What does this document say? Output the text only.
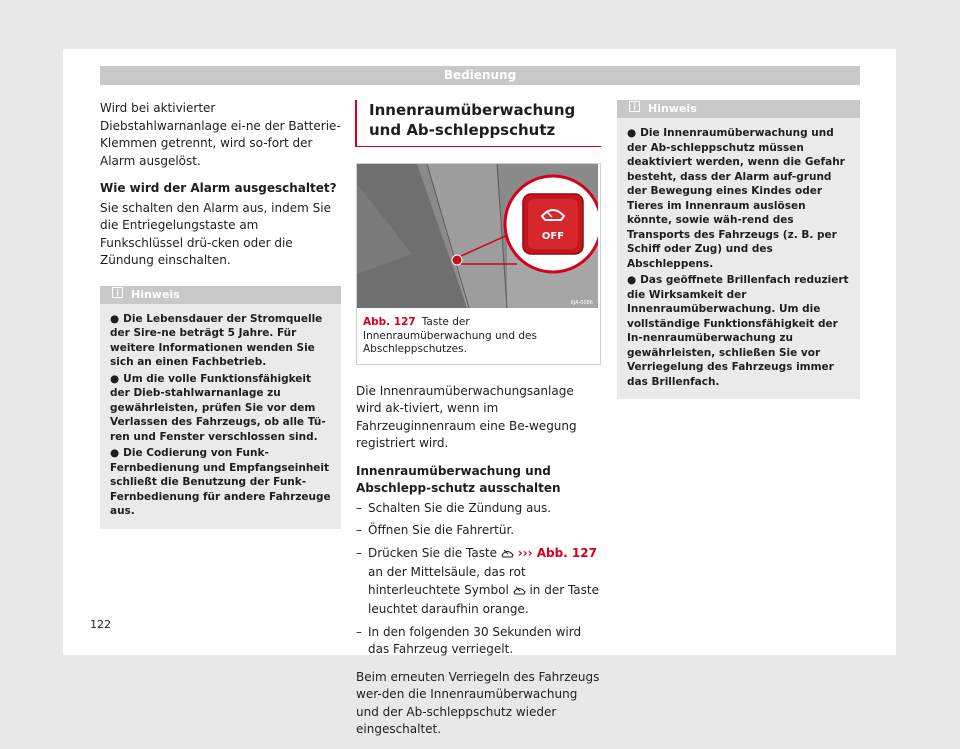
Bedienung

Wird bei aktivierter Diebstahlwarnanlage ei-ne der Batterie-Klemmen getrennt, wird so-fort der Alarm ausgelöst.

Wie wird der Alarm ausgeschaltet?

Sie schalten den Alarm aus, indem Sie die Entriegelungstaste am Funkschlüssel drü-cken oder die Zündung einschalten.

Hinweis
● Die Lebensdauer der Stromquelle der Sire-ne beträgt 5 Jahre. Für weitere Informationen wenden Sie sich an einen Fachbetrieb.
● Um die volle Funktionsfähigkeit der Dieb-stahlwarnanlage zu gewährleisten, prüfen Sie vor dem Verlassen des Fahrzeugs, ob alle Tü-ren und Fenster verschlossen sind.
● Die Codierung von Funk-Fernbedienung und Empfangseinheit schließt die Benutzung der Funk-Fernbedienung für andere Fahrzeuge aus.
Innenraumüberwachung und Ab-schleppschutz
OFF
6JA-0086
Abb. 127 Taste der Innenraumüberwachung und des Abschleppschutzes.

Die Innenraumüberwachungsanlage wird ak-tiviert, wenn im Fahrzeuginnenraum eine Be-wegung registriert wird.

Innenraumüberwachung und Abschlepp-schutz ausschalten

– Schalten Sie die Zündung aus.
– Öffnen Sie die Fahrertür.
– Drücken Sie die Taste ››› Abb. 127 an der Mittelsäule, das rot hinterleuchtete Symbol in der Taste leuchtet daraufhin orange.
– In den folgenden 30 Sekunden wird das Fahrzeug verriegelt.

Beim erneuten Verriegeln des Fahrzeugs wer-den die Innenraumüberwachung und der Ab-schleppschutz wieder eingeschaltet.

Hinweis
● Die Innenraumüberwachung und der Ab-schleppschutz müssen deaktiviert werden, wenn die Gefahr besteht, dass der Alarm auf-grund der Bewegung eines Kindes oder Tieres im Innenraum auslösen könnte, sowie wäh-rend des Transports des Fahrzeugs (z. B. per Schiff oder Zug) und des Abschleppens.
● Das geöffnete Brillenfach reduziert die Wirksamkeit der Innenraumüberwachung. Um die vollständige Funktionsfähigkeit der In-nenraumüberwachung zu gewährleisten, schließen Sie vor Verriegelung des Fahrzeugs immer das Brillenfach.
122
